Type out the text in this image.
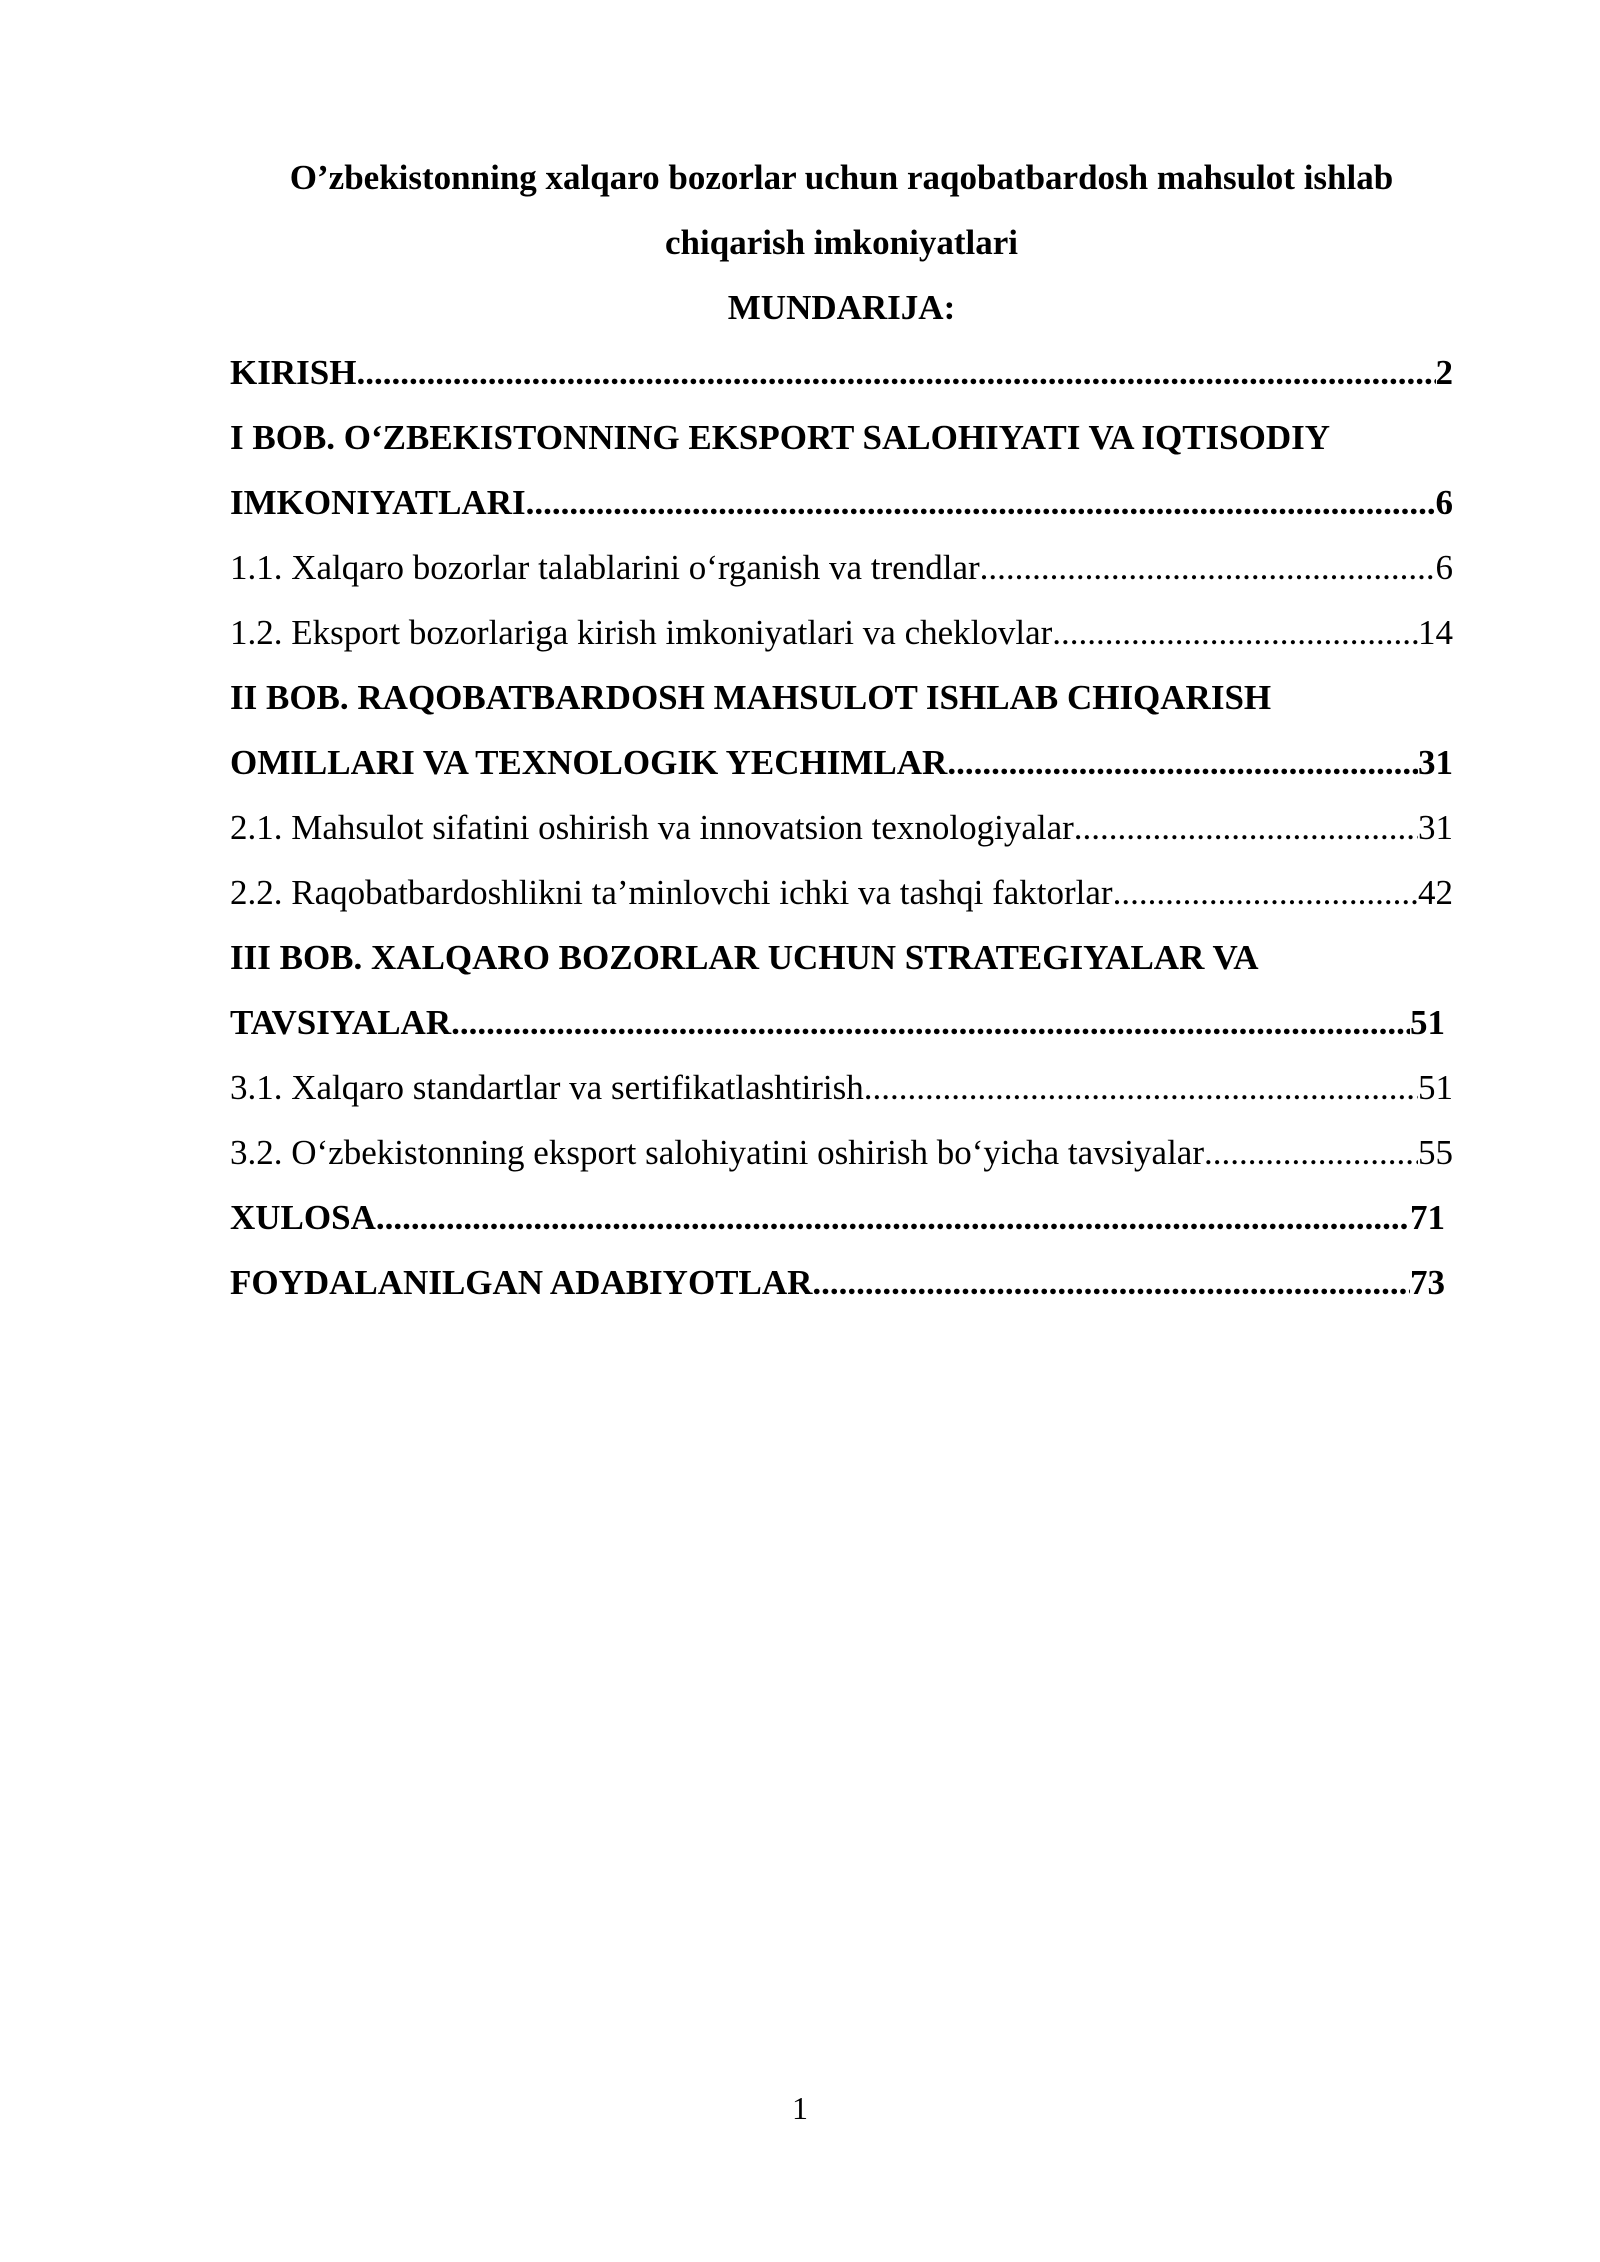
O’zbekistonning xalqaro bozorlar uchun raqobatbardosh mahsulot ishlab
chiqarish imkoniyatlari
MUNDARIJA:
KIRISH .....	2
I BOB. O‘ZBEKISTONNING EKSPORT SALOHIYATI VA IQTISODIY
IMKONIYATLARI .....	6
1.1. Xalqaro bozorlar talablarini o‘rganish va trendlar .....	6
1.2. Eksport bozorlariga kirish imkoniyatlari va cheklovlar .....	14
II BOB. RAQOBATBARDOSH MAHSULOT ISHLAB CHIQARISH
OMILLARI VA TEXNOLOGIK YECHIMLAR .....	31
2.1. Mahsulot sifatini oshirish va innovatsion texnologiyalar .....	31
2.2. Raqobatbardoshlikni ta’minlovchi ichki va tashqi faktorlar .....	42
III BOB. XALQARO BOZORLAR UCHUN STRATEGIYALAR VA
TAVSIYALAR .....	51
3.1. Xalqaro standartlar va sertifikatlashtirish .....	51
3.2. O‘zbekistonning eksport salohiyatini oshirish bo‘yicha tavsiyalar .....	55
XULOSA .....	71
FOYDALANILGAN ADABIYOTLAR .....	73
1
